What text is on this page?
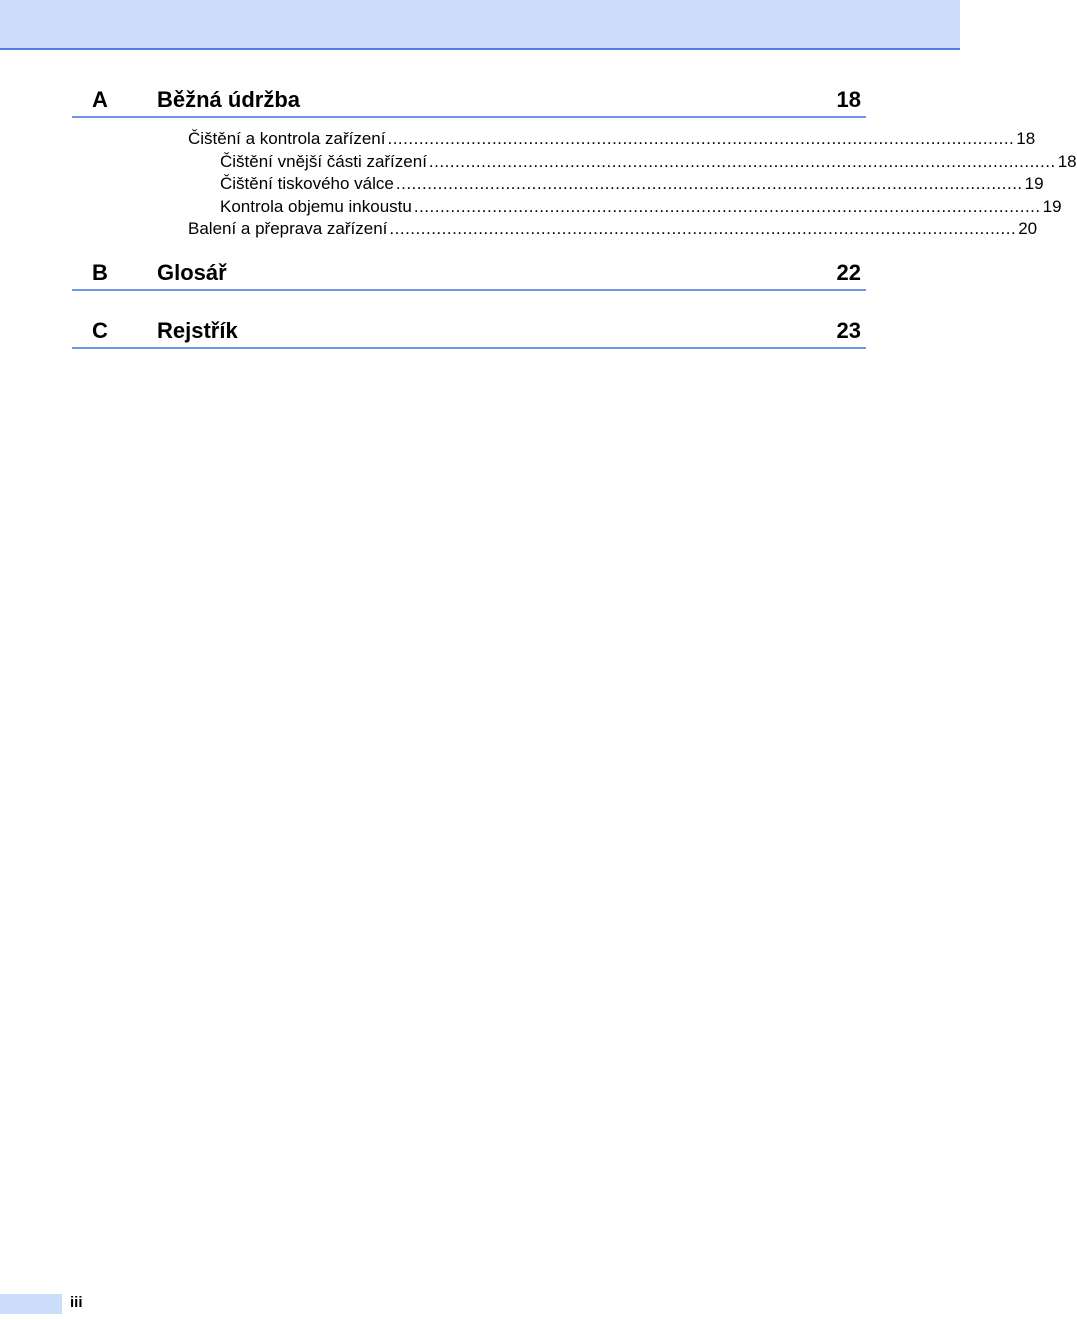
A Běžná údržba	18
Čištění a kontrola zařízení ........................................................................................................................ 18
Čištění vnější části zařízení ........................................................................................................................ 18
Čištění tiskového válce ........................................................................................................................ 19
Kontrola objemu inkoustu ........................................................................................................................ 19
Balení a přeprava zařízení ........................................................................................................................ 20
B Glosář	22
C Rejstřík	23
iii
